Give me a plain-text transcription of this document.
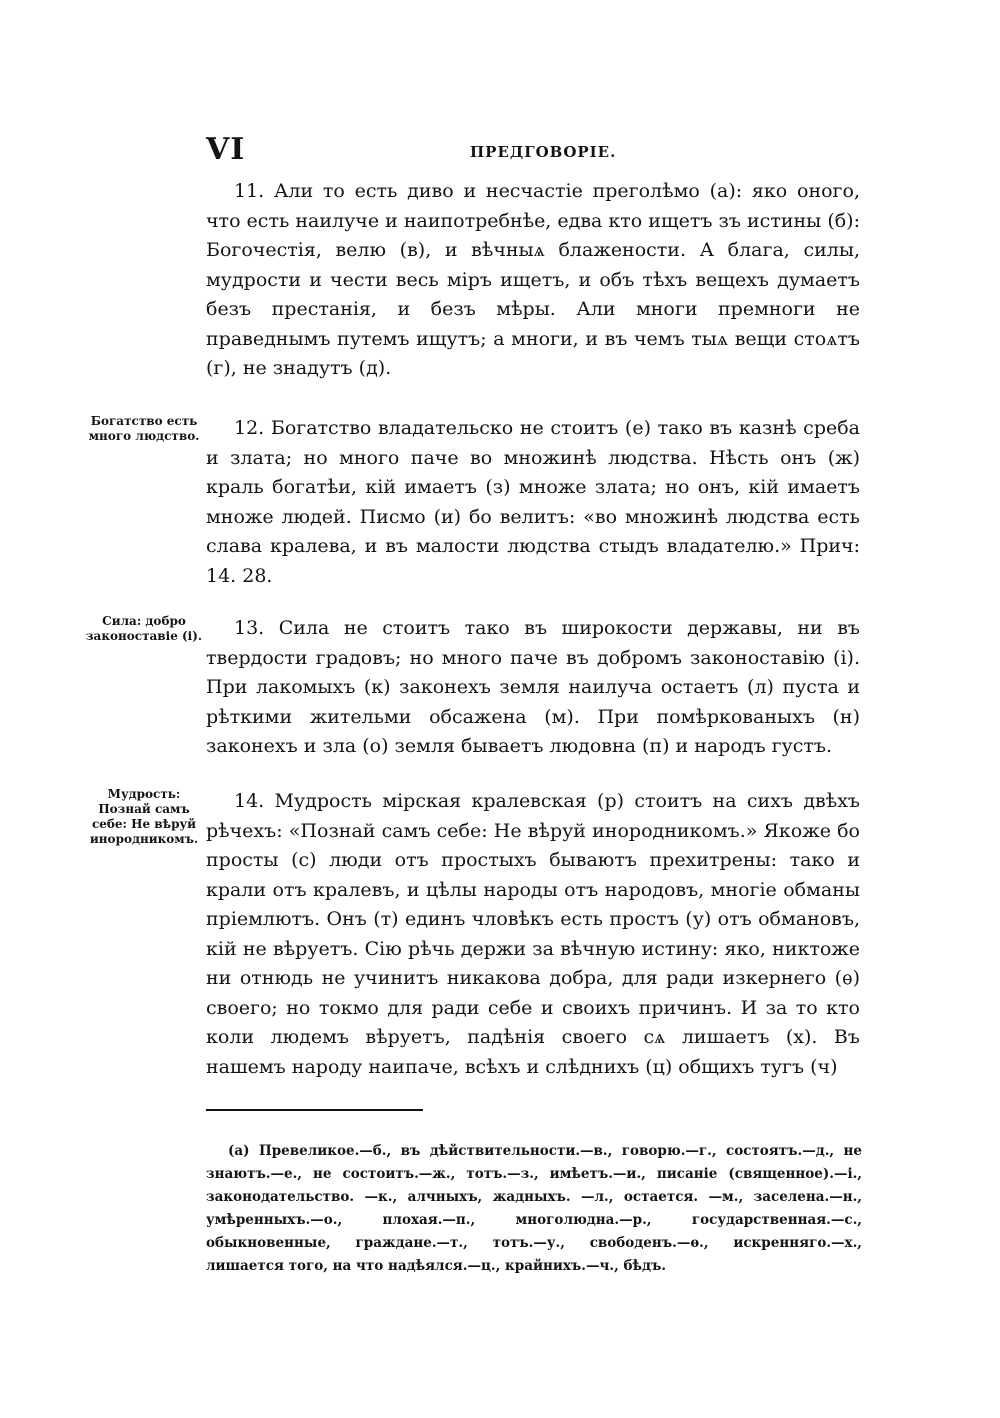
VI	ПРЕДГОВОРІЕ.

11. Али то есть диво и несчастіе преголѣмо (а): яко оного, что есть наилуче и наипотребнѣе, едва кто ищетъ зъ истины (б): Богочестія, велю (в), и вѣчныѧ блажености. А блага, силы, мудрости и чести весь міръ ищетъ, и объ тѣхъ вещехъ думаетъ безъ престанія, и безъ мѣры. Али многи премноги не праведнымъ путемъ ищутъ; а многи, и въ чемъ тыѧ вещи стоѧтъ (г), не знадутъ (д).

Богатство есть много людство.	12. Богатство владательско не стоитъ (е) тако въ казнѣ среба и злата; но много паче во множинѣ людства. Нѣсть онъ (ж) краль богатѣи, кій имаетъ (з) множе злата; но онъ, кій имаетъ множе людей. Писмо (и) бо велитъ: «во множинѣ людства есть слава кралева, и въ малости людства стыдъ владателю.» Прич: 14. 28.

Сила: добро законоставіе (і).	13. Сила не стоитъ тако въ широкости державы, ни въ твердости градовъ; но много паче въ добромъ законоставію (і). При лакомыхъ (к) законехъ земля наилуча остаетъ (л) пуста и рѣткими жительми обсажена (м). При помѣркованыхъ (н) законехъ и зла (о) земля бываетъ людовна (п) и народъ густъ.

Мудрость: Познай самъ себе: Не вѣруй инородникомъ.

14. Мудрость мірская кралевская (р) стоитъ на сихъ двѣхъ рѣчехъ: «Познай самъ себе: Не вѣруй инородникомъ.» Якоже бо просты (с) люди отъ простыхъ бываютъ прехитрены: тако и крали отъ кралевъ, и цѣлы народы отъ народовъ, многіе обманы пріемлютъ. Онъ (т) единъ чловѣкъ есть простъ (у) отъ обмановъ, кій не вѣруетъ. Сію рѣчь держи за вѣчную истину: яко, никтоже ни отнюдь не учинитъ никакова добра, для ради изкернего (ѳ) своего; но токмо для ради себе и своихъ причинъ. И за то кто коли людемъ вѣруетъ, падѣнія своего сѧ лишаетъ (х). Въ нашемъ народу наипаче, всѣхъ и слѣднихъ (ц) общихъ тугъ (ч)

(а) Превеликое.—б., въ дѣйствительности.—в., говорю.—г., состоятъ.—д., не знаютъ.—е., не состоитъ.—ж., тотъ.—з., имѣетъ.—и., писаніе (священное).—і., законодательство. —к., алчныхъ, жадныхъ. —л., остается. —м., заселена.—н., умѣренныхъ.—о., плохая.—п., многолюдна.—р., государственная.—с., обыкновенные, граждане.—т., тотъ.—у., свободенъ.—ѳ., искренняго.—х., лишается того, на что надѣялся.—ц., крайнихъ.—ч., бѣдъ.
